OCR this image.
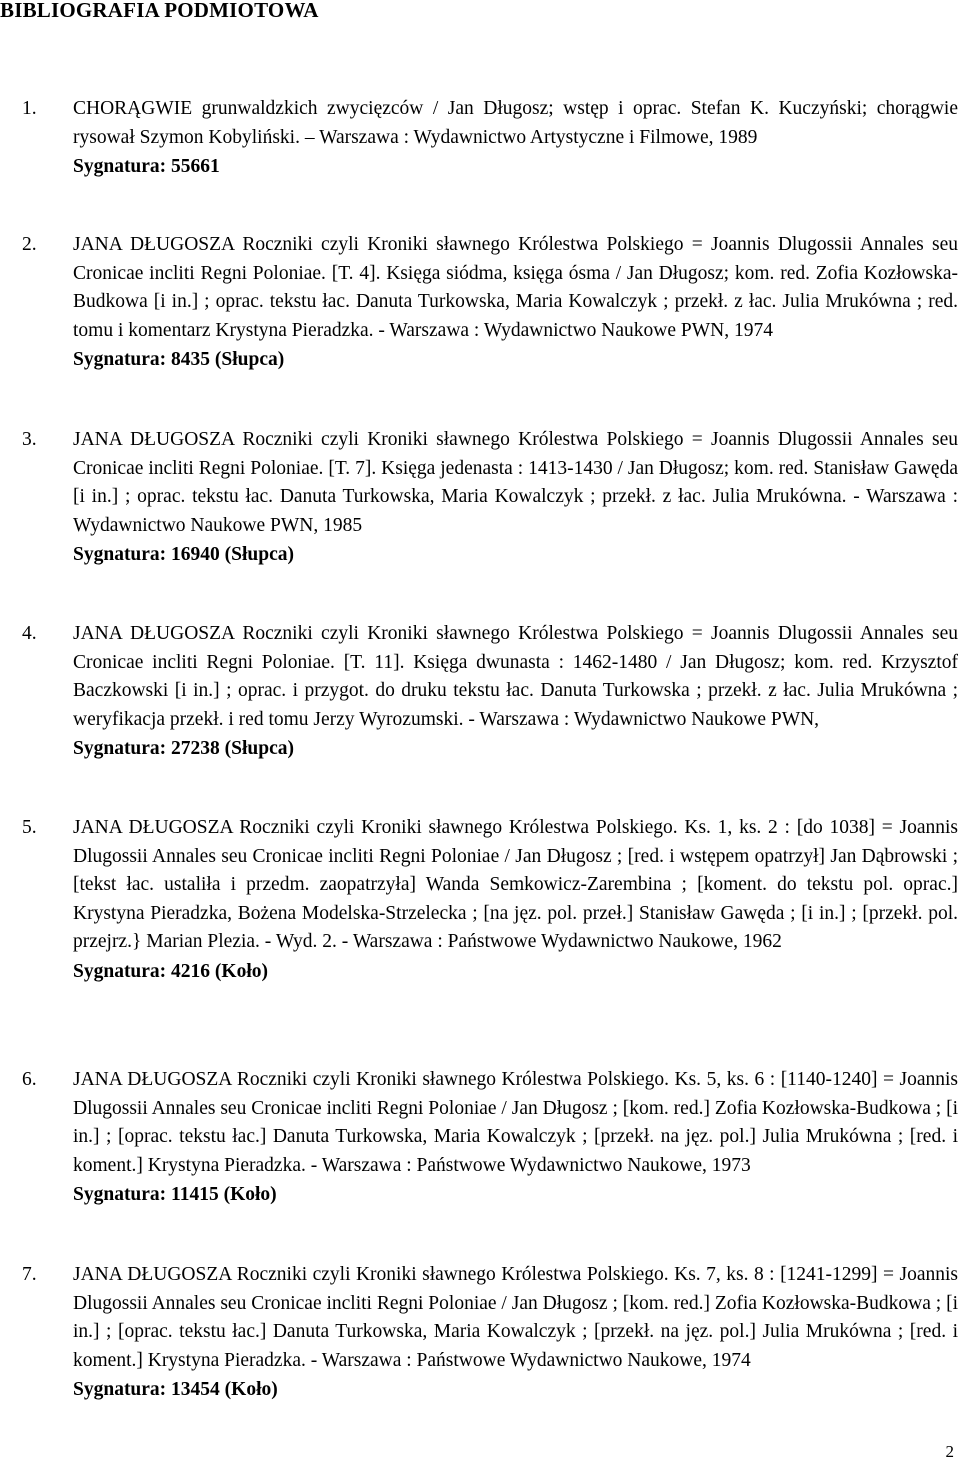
BIBLIOGRAFIA PODMIOTOWA
1.	CHORĄGWIE grunwaldzkich zwycięzców / Jan Długosz; wstęp i oprac. Stefan K. Kuczyński; chorągwie rysował Szymon Kobyliński. – Warszawa : Wydawnictwo Artystyczne i Filmowe, 1989
Sygnatura: 55661
2.	JANA DŁUGOSZA Roczniki czyli Kroniki sławnego Królestwa Polskiego = Joannis Dlugossii Annales seu Cronicae incliti Regni Poloniae. [T. 4]. Księga siódma, księga ósma / Jan Długosz; kom. red. Zofia Kozłowska-Budkowa [i in.] ; oprac. tekstu łac. Danuta Turkowska, Maria Kowalczyk ; przekł. z łac. Julia Mrukówna ; red. tomu i komentarz Krystyna Pieradzka. - Warszawa : Wydawnictwo Naukowe PWN, 1974
Sygnatura: 8435 (Słupca)
3.	JANA DŁUGOSZA Roczniki czyli Kroniki sławnego Królestwa Polskiego = Joannis Dlugossii Annales seu Cronicae incliti Regni Poloniae. [T. 7]. Księga jedenasta : 1413-1430 / Jan Długosz; kom. red. Stanisław Gawęda [i in.] ; oprac. tekstu łac. Danuta Turkowska, Maria Kowalczyk ; przekł. z łac. Julia Mrukówna. - Warszawa : Wydawnictwo Naukowe PWN, 1985
Sygnatura: 16940 (Słupca)
4.	JANA DŁUGOSZA Roczniki czyli Kroniki sławnego Królestwa Polskiego = Joannis Dlugossii Annales seu Cronicae incliti Regni Poloniae. [T. 11]. Księga dwunasta : 1462-1480 / Jan Długosz; kom. red. Krzysztof Baczkowski [i in.] ; oprac. i przygot. do druku tekstu łac. Danuta Turkowska ; przekł. z łac. Julia Mrukówna ; weryfikacja przekł. i red tomu Jerzy Wyrozumski. - Warszawa : Wydawnictwo Naukowe PWN,
Sygnatura: 27238 (Słupca)
5.	JANA DŁUGOSZA Roczniki czyli Kroniki sławnego Królestwa Polskiego. Ks. 1, ks. 2 : [do 1038] = Joannis Dlugossii Annales seu Cronicae incliti Regni Poloniae / Jan Długosz ; [red. i wstępem opatrzył] Jan Dąbrowski ; [tekst łac. ustaliła i przedm. zaopatrzyła] Wanda Semkowicz-Zarembina ; [koment. do tekstu pol. oprac.] Krystyna Pieradzka, Bożena Modelska-Strzelecka ; [na jęz. pol. przeł.] Stanisław Gawęda ; [i in.] ; [przekł. pol. przejrz.} Marian Plezia. - Wyd. 2. - Warszawa : Państwowe Wydawnictwo Naukowe, 1962
Sygnatura: 4216 (Koło)
6.	JANA DŁUGOSZA Roczniki czyli Kroniki sławnego Królestwa Polskiego. Ks. 5, ks. 6 : [1140-1240] = Joannis Dlugossii Annales seu Cronicae incliti Regni Poloniae / Jan Długosz ; [kom. red.] Zofia Kozłowska-Budkowa ; [i in.] ; [oprac. tekstu łac.] Danuta Turkowska, Maria Kowalczyk ; [przekł. na jęz. pol.] Julia Mrukówna ; [red. i koment.] Krystyna Pieradzka. - Warszawa : Państwowe Wydawnictwo Naukowe, 1973
Sygnatura: 11415 (Koło)
7.	JANA DŁUGOSZA Roczniki czyli Kroniki sławnego Królestwa Polskiego. Ks. 7, ks. 8 : [1241-1299] = Joannis Dlugossii Annales seu Cronicae incliti Regni Poloniae / Jan Długosz ; [kom. red.] Zofia Kozłowska-Budkowa ; [i in.] ; [oprac. tekstu łac.] Danuta Turkowska, Maria Kowalczyk ; [przekł. na jęz. pol.] Julia Mrukówna ; [red. i koment.] Krystyna Pieradzka. - Warszawa : Państwowe Wydawnictwo Naukowe, 1974
Sygnatura: 13454 (Koło)
2
